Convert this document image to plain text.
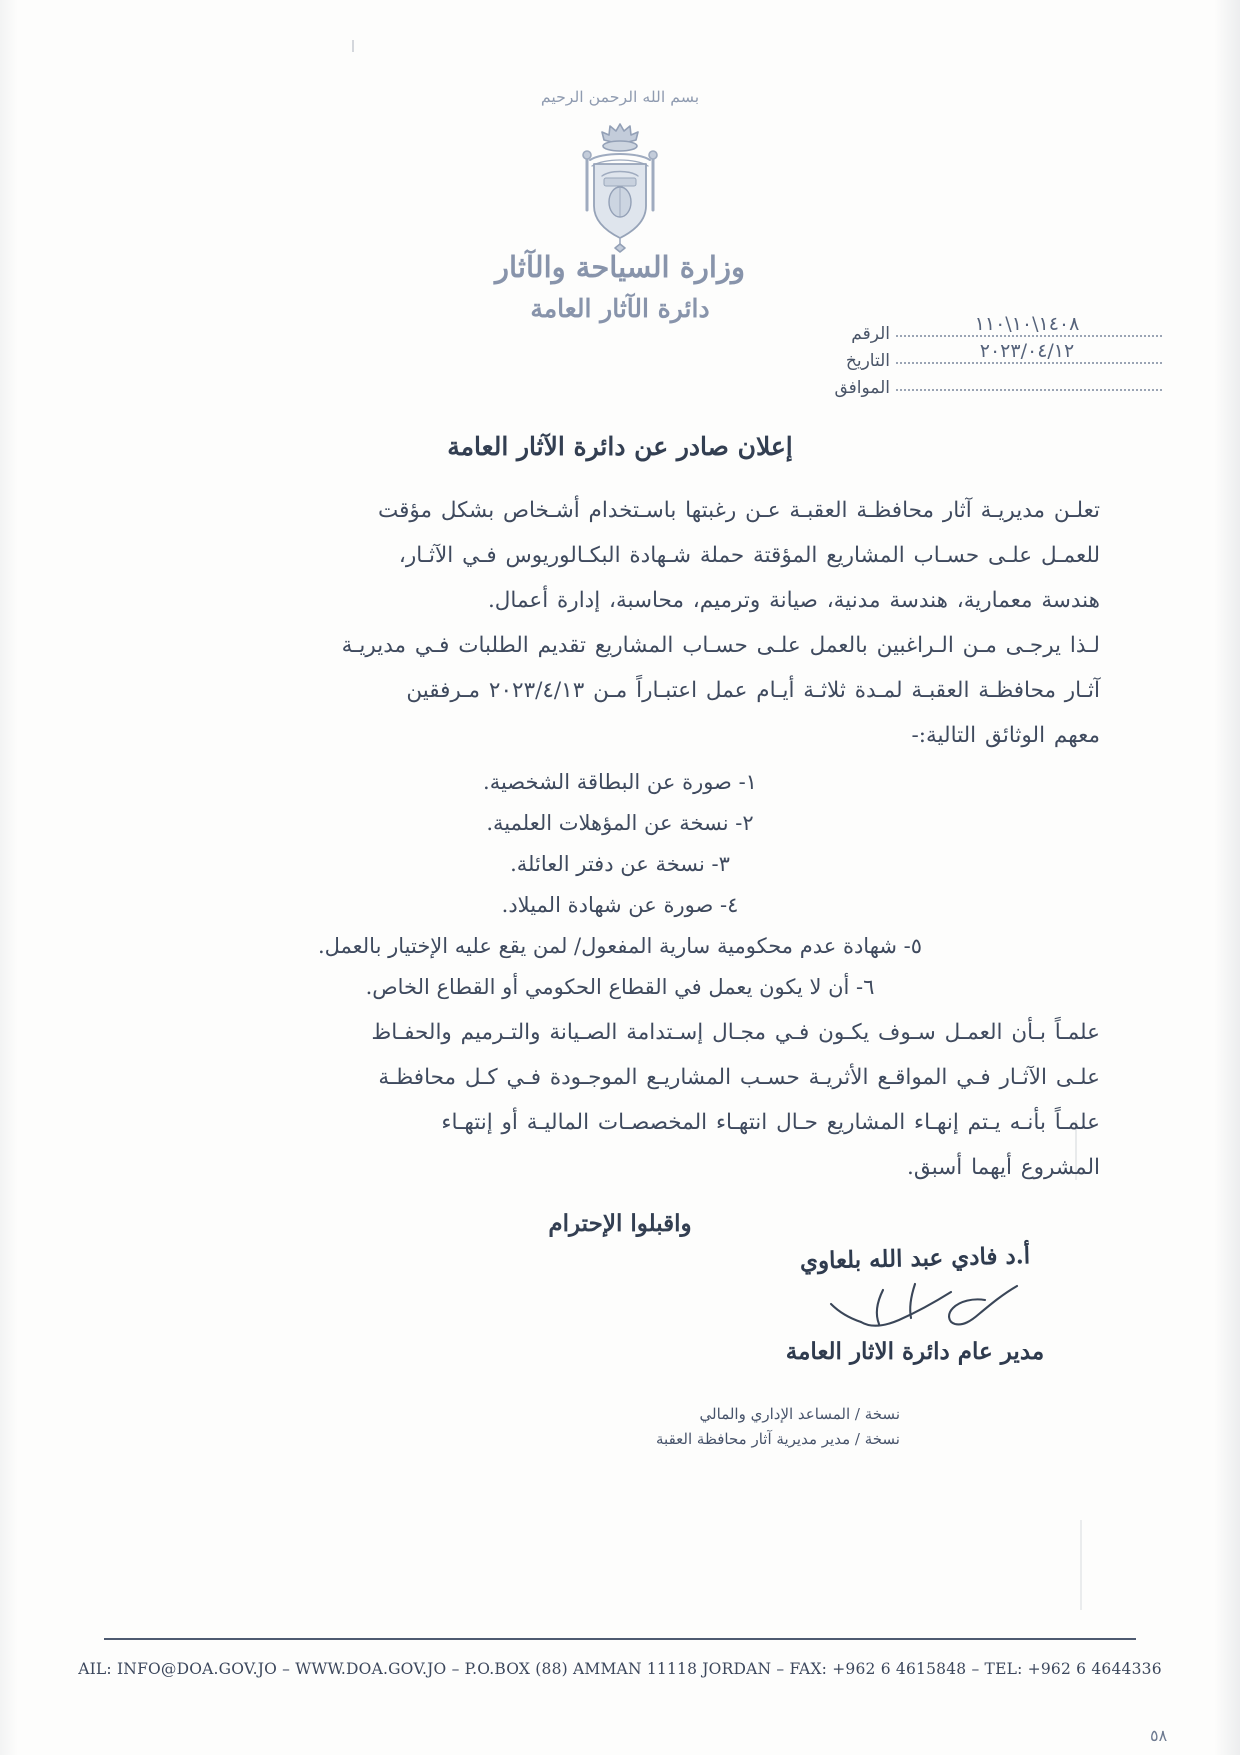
بسم الله الرحمن الرحيم
وزارة السياحة والآثار
دائرة الآثار العامة
١٤٠٨\١٠\١١٠
الرقم
٢٠٢٣/٠٤/١٢
التاريخ
الموافق
إعلان صادر عن دائرة الآثار العامة

تعلـن مديريـة آثار محافظـة العقبـة عـن رغبتها باسـتخدام أشـخاص بشكل مؤقت

للعمـل علـى حسـاب المشاريع المؤقتة حملة شـهادة البكـالوريوس فـي الآثـار،

هندسة معمارية، هندسة مدنية، صيانة وترميم، محاسبة، إدارة أعمال.

لـذا يرجـى مـن الـراغبين بالعمل علـى حسـاب المشاريع تقديم الطلبات فـي مديريـة

آثـار محافظـة العقبـة لمـدة ثلاثـة أيـام عمل اعتبـاراً مـن ٢٠٢٣/٤/١٣ مـرفقين

معهم الوثائق التالية:-

١- صورة عن البطاقة الشخصية.
٢- نسخة عن المؤهلات العلمية.
٣- نسخة عن دفتر العائلة.
٤- صورة عن شهادة الميلاد.
٥- شهادة عدم محكومية سارية المفعول/ لمن يقع عليه الإختيار بالعمل.
٦- أن لا يكون يعمل في القطاع الحكومي أو القطاع الخاص.

علمـاً بـأن العمـل سـوف يكـون فـي مجـال إسـتدامة الصـيانة والتـرميم والحفـاظ

علـى الآثـار فـي المواقـع الأثريـة حسـب المشاريـع الموجـودة فـي كـل محافظـة

علمـاً بأنـه يـتم إنهـاء المشاريع حـال انتهـاء المخصصـات الماليـة أو إنتهـاء

المشروع أيهما أسبق.

واقبلوا الإحترام
أ.د فادي عبد الله بلعاوي
مدير عام دائرة الاثار العامة
نسخة / المساعد الإداري والمالي
نسخة / مدير مديرية آثار محافظة العقبة
AIL: INFO@DOA.GOV.JO – WWW.DOA.GOV.JO – P.O.BOX (88) AMMAN 11118 JORDAN – FAX: +962 6 4615848 – TEL: +962 6 4644336
٥٨
